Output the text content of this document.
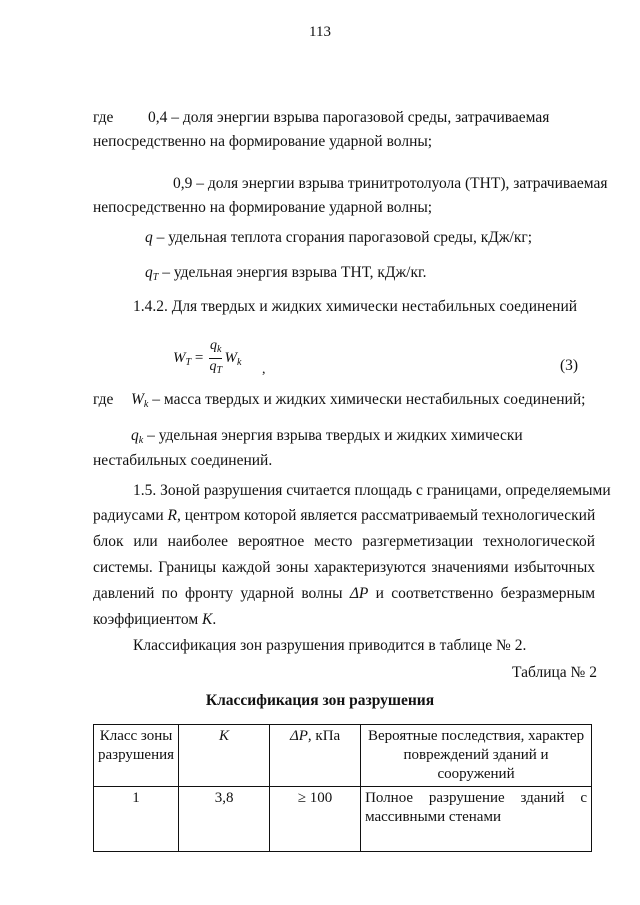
113
где 0,4 – доля энергии взрыва парогазовой среды, затрачиваемая
непосредственно на формирование ударной волны;
0,9 – доля энергии взрыва тринитротолуола (ТНТ), затрачиваемая
непосредственно на формирование ударной волны;
q – удельная теплота сгорания парогазовой среды, кДж/кг;
$q_T$ – удельная энергия взрыва ТНТ, кДж/кг.
1.4.2. Для твердых и жидких химически нестабильных соединений
$W_T = \frac{q_k}{q_T} W_k$ ,	(3)
где $W_k$ – масса твердых и жидких химически нестабильных соединений;
$q_k$ – удельная энергия взрыва твердых и жидких химически
нестабильных соединений.
1.5. Зоной разрушения считается площадь с границами, определяемыми
радиусами R, центром которой является рассматриваемый технологический
блок или наиболее вероятное место разгерметизации технологической
системы. Границы каждой зоны характеризуются значениями избыточных
давлений по фронту ударной волны ΔP и соответственно безразмерным
коэффициентом K.
Классификация зон разрушения приводится в таблице № 2.
Таблица № 2
Классификация зон разрушения
Класс зоны
разрушения	K	ΔP, кПа	Вероятные последствия, характер
повреждений зданий и сооружений
1	3,8	≥ 100	Полное разрушение зданий с
массивными стенами
